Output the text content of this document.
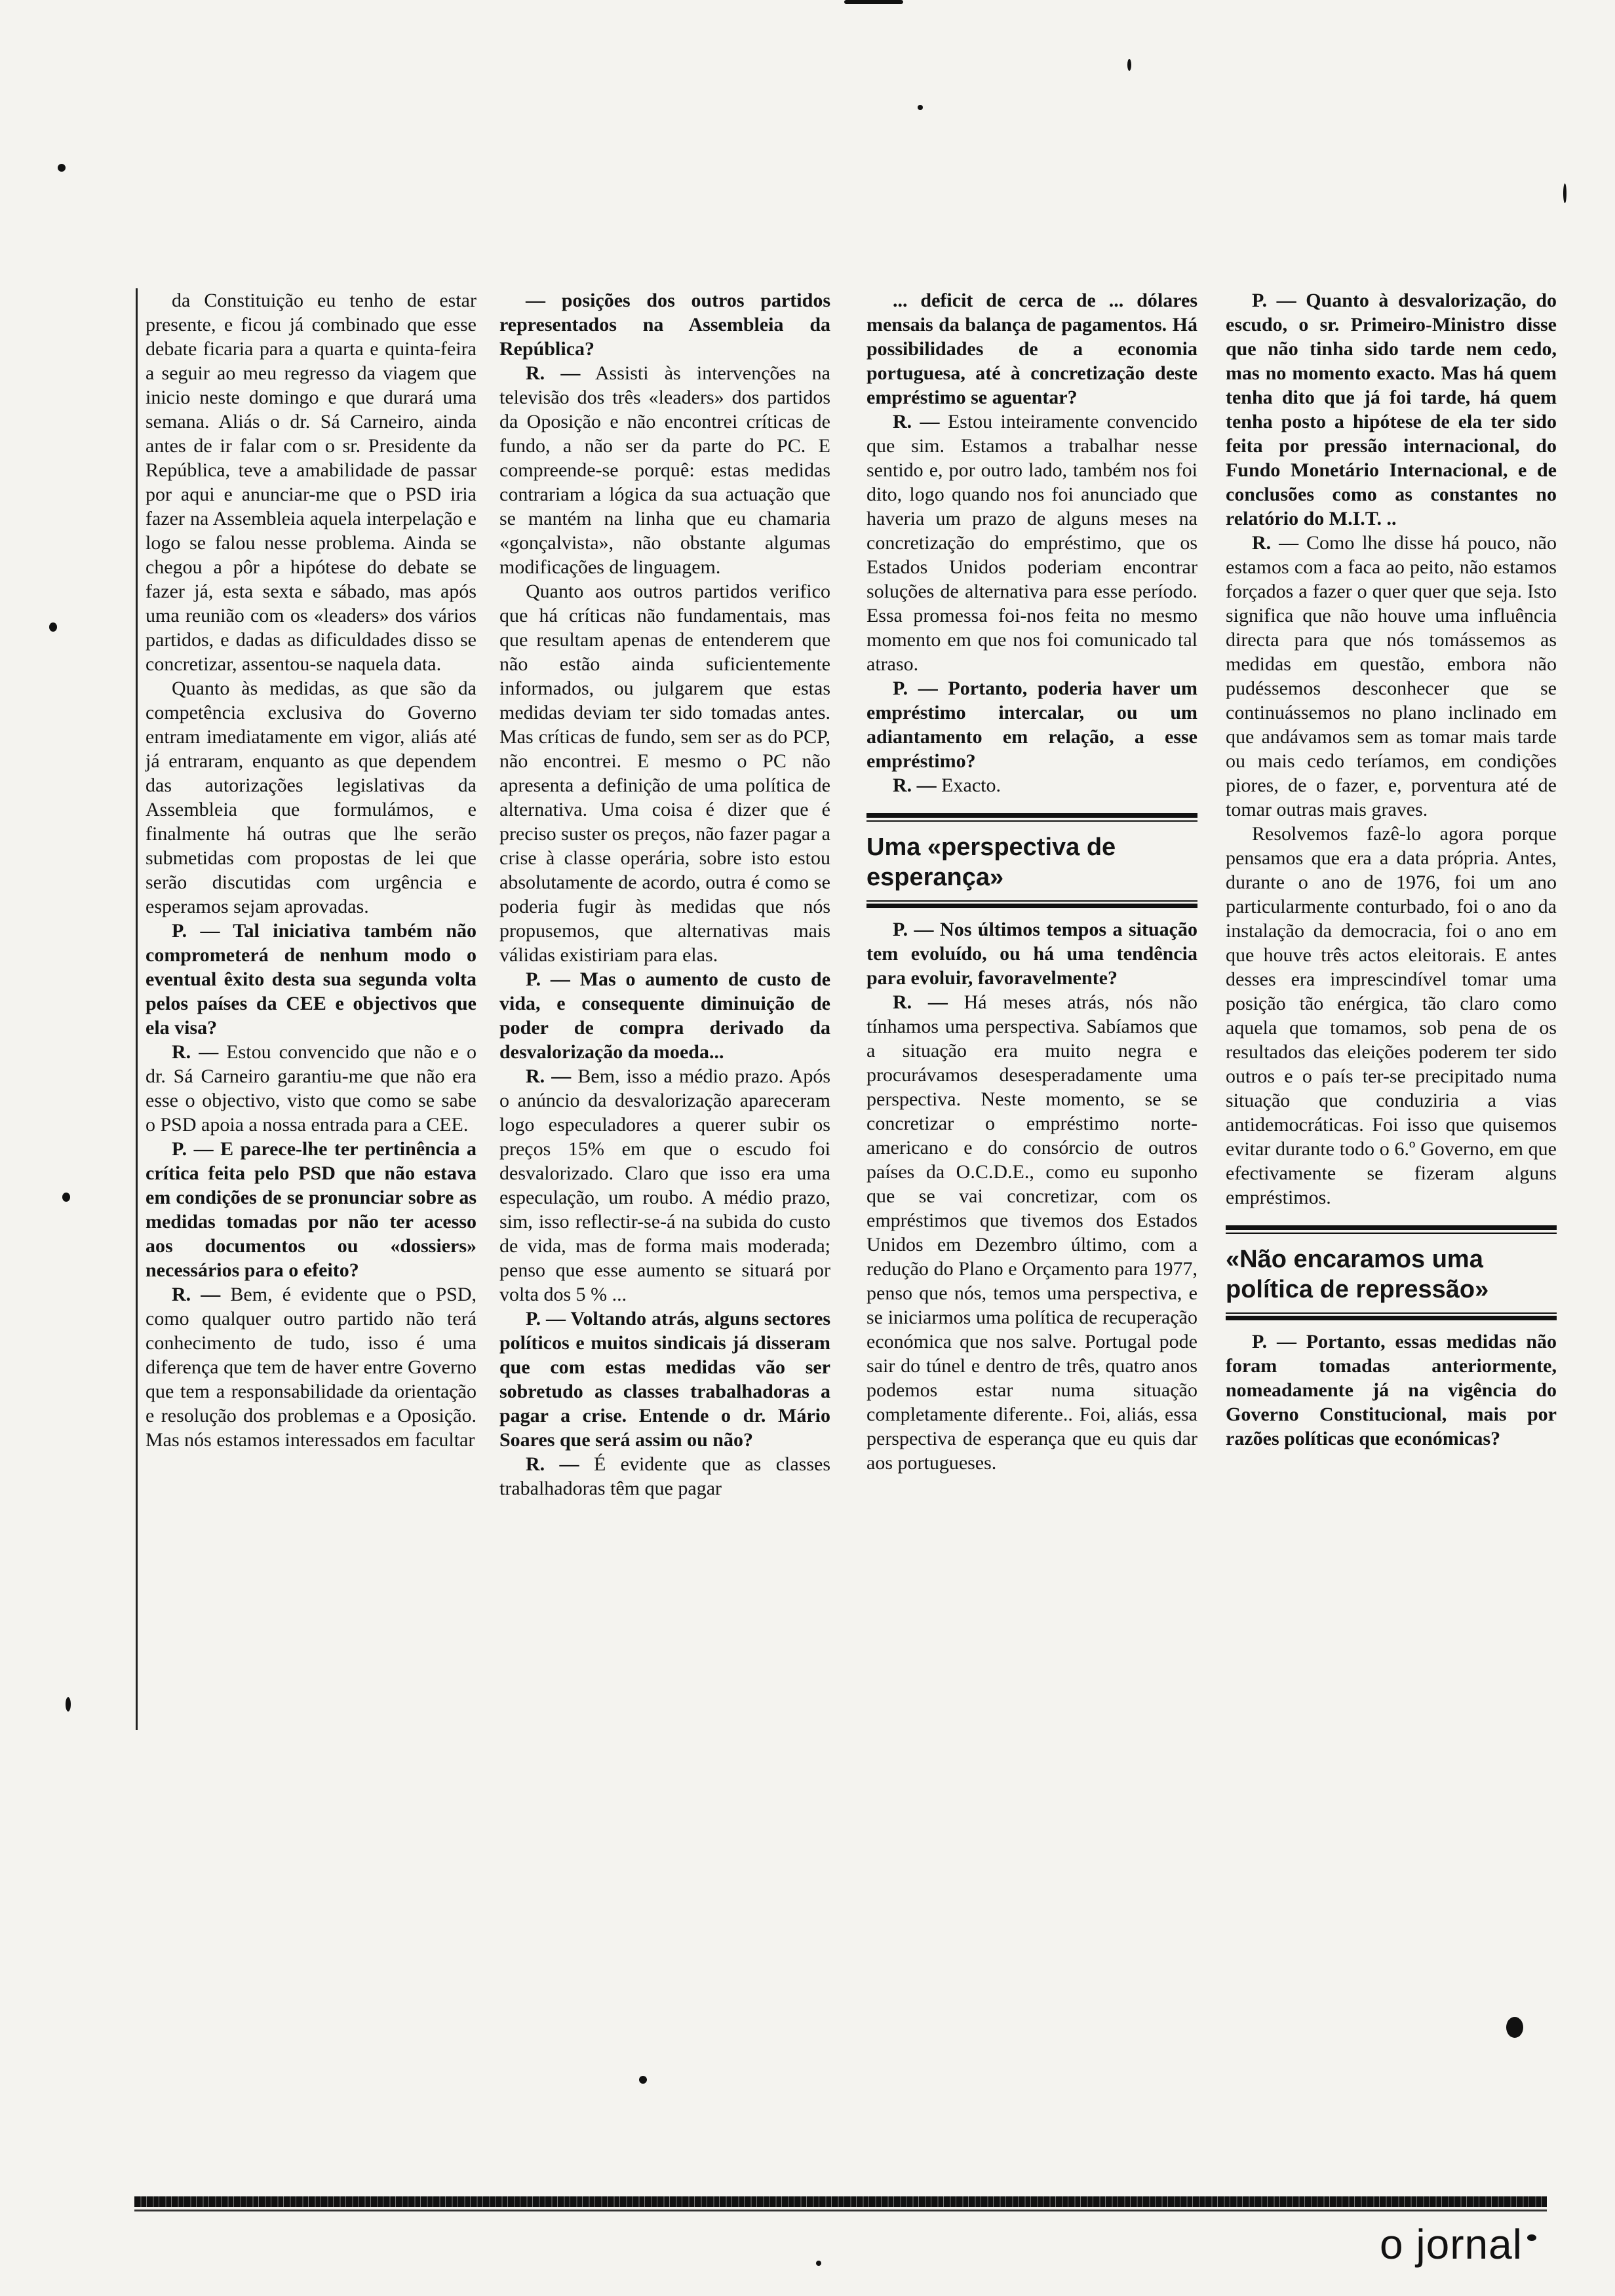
da Constituição eu tenho de estar presente, e ficou já combinado que esse debate ficaria para a quarta e quinta-feira a seguir ao meu regresso da viagem que inicio neste domingo e que durará uma semana. Aliás o dr. Sá Carneiro, ainda antes de ir falar com o sr. Presidente da República, teve a amabilidade de passar por aqui e anunciar-me que o PSD iria fazer na Assembleia aquela interpelação e logo se falou nesse problema. Ainda se chegou a pôr a hipótese do debate se fazer já, esta sexta e sábado, mas após uma reunião com os «leaders» dos vários partidos, e dadas as dificuldades disso se concretizar, assentou-se naquela data.

Quanto às medidas, as que são da competência exclusiva do Governo entram imediatamente em vigor, aliás até já entraram, enquanto as que dependem das autorizações legislativas da Assembleia que formulámos, e finalmente há outras que lhe serão submetidas com propostas de lei que serão discutidas com urgência e esperamos sejam aprovadas.

P. — Tal iniciativa também não comprometerá de nenhum modo o eventual êxito desta sua segunda volta pelos países da CEE e objectivos que ela visa?

R. — Estou convencido que não e o dr. Sá Carneiro garantiu-me que não era esse o objectivo, visto que como se sabe o PSD apoia a nossa entrada para a CEE.

P. — E parece-lhe ter pertinência a crítica feita pelo PSD que não estava em condições de se pronunciar sobre as medidas tomadas por não ter acesso aos documentos ou «dossiers» necessários para o efeito?

R. — Bem, é evidente que o PSD, como qualquer outro partido não terá conhecimento de tudo, isso é uma diferença que tem de haver entre Governo que tem a responsabilidade da orientação e resolução dos problemas e a Oposição. Mas nós estamos interessados em facultar

— posições dos outros partidos representados na Assembleia da República?

R. — Assisti às intervenções na televisão dos três «leaders» dos partidos da Oposição e não encontrei críticas de fundo, a não ser da parte do PC. E compreende-se porquê: estas medidas contrariam a lógica da sua actuação que se mantém na linha que eu chamaria «gonçalvista», não obstante algumas modificações de linguagem.

Quanto aos outros partidos verifico que há críticas não fundamentais, mas que resultam apenas de entenderem que não estão ainda suficientemente informados, ou julgarem que estas medidas deviam ter sido tomadas antes. Mas críticas de fundo, sem ser as do PCP, não encontrei. E mesmo o PC não apresenta a definição de uma política de alternativa. Uma coisa é dizer que é preciso suster os preços, não fazer pagar a crise à classe operária, sobre isto estou absolutamente de acordo, outra é como se poderia fugir às medidas que nós propusemos, que alternativas mais válidas existiriam para elas.

P. — Mas o aumento de custo de vida, e consequente diminuição de poder de compra derivado da desvalorização da moeda...

R. — Bem, isso a médio prazo. Após o anúncio da desvalorização apareceram logo especuladores a querer subir os preços 15% em que o escudo foi desvalorizado. Claro que isso era uma especulação, um roubo. A médio prazo, sim, isso reflectir-se-á na subida do custo de vida, mas de forma mais moderada; penso que esse aumento se situará por volta dos 5 % ...

P. — Voltando atrás, alguns sectores políticos e muitos sindicais já disseram que com estas medidas vão ser sobretudo as classes trabalhadoras a pagar a crise. Entende o dr. Mário Soares que será assim ou não?

R. — É evidente que as classes trabalhadoras têm que pagar

... deficit de cerca de ... dólares mensais da balança de pagamentos. Há possibilidades de a economia portuguesa, até à concretização deste empréstimo se aguentar?

R. — Estou inteiramente convencido que sim. Estamos a trabalhar nesse sentido e, por outro lado, também nos foi dito, logo quando nos foi anunciado que haveria um prazo de alguns meses na concretização do empréstimo, que os Estados Unidos poderiam encontrar soluções de alternativa para esse período. Essa promessa foi-nos feita no mesmo momento em que nos foi comunicado tal atraso.

P. — Portanto, poderia haver um empréstimo intercalar, ou um adiantamento em relação, a esse empréstimo?

R. — Exacto.

Uma «perspectiva de esperança»

P. — Nos últimos tempos a situação tem evoluído, ou há uma tendência para evoluir, favoravelmente?

R. — Há meses atrás, nós não tínhamos uma perspectiva. Sabíamos que a situação era muito negra e procurávamos desesperadamente uma perspectiva. Neste momento, se se concretizar o empréstimo norte-americano e do consórcio de outros países da O.C.D.E., como eu suponho que se vai concretizar, com os empréstimos que tivemos dos Estados Unidos em Dezembro último, com a redução do Plano e Orçamento para 1977, penso que nós, temos uma perspectiva, e se iniciarmos uma política de recuperação económica que nos salve. Portugal pode sair do túnel e dentro de três, quatro anos podemos estar numa situação completamente diferente.. Foi, aliás, essa perspectiva de esperança que eu quis dar aos portugueses.

P. — Quanto à desvalorização, do escudo, o sr. Primeiro-Ministro disse que não tinha sido tarde nem cedo, mas no momento exacto. Mas há quem tenha dito que já foi tarde, há quem tenha posto a hipótese de ela ter sido feita por pressão internacional, do Fundo Monetário Internacional, e de conclusões como as constantes no relatório do M.I.T. ..

R. — Como lhe disse há pouco, não estamos com a faca ao peito, não estamos forçados a fazer o quer quer que seja. Isto significa que não houve uma influência directa para que nós tomássemos as medidas em questão, embora não pudéssemos desconhecer que se continuássemos no plano inclinado em que andávamos sem as tomar mais tarde ou mais cedo teríamos, em condições piores, de o fazer, e, porventura até de tomar outras mais graves.

Resolvemos fazê-lo agora porque pensamos que era a data própria. Antes, durante o ano de 1976, foi um ano particularmente conturbado, foi o ano da instalação da democracia, foi o ano em que houve três actos eleitorais. E antes desses era imprescindível tomar uma posição tão enérgica, tão claro como aquela que tomamos, sob pena de os resultados das eleições poderem ter sido outros e o país ter-se precipitado numa situação que conduziria a vias antidemocráticas. Foi isso que quisemos evitar durante todo o 6.º Governo, em que efectivamente se fizeram alguns empréstimos.

«Não encaramos uma política de repressão»

P. — Portanto, essas medidas não foram tomadas anteriormente, nomeadamente já na vigência do Governo Constitucional, mais por razões políticas que económicas?

o jornal
